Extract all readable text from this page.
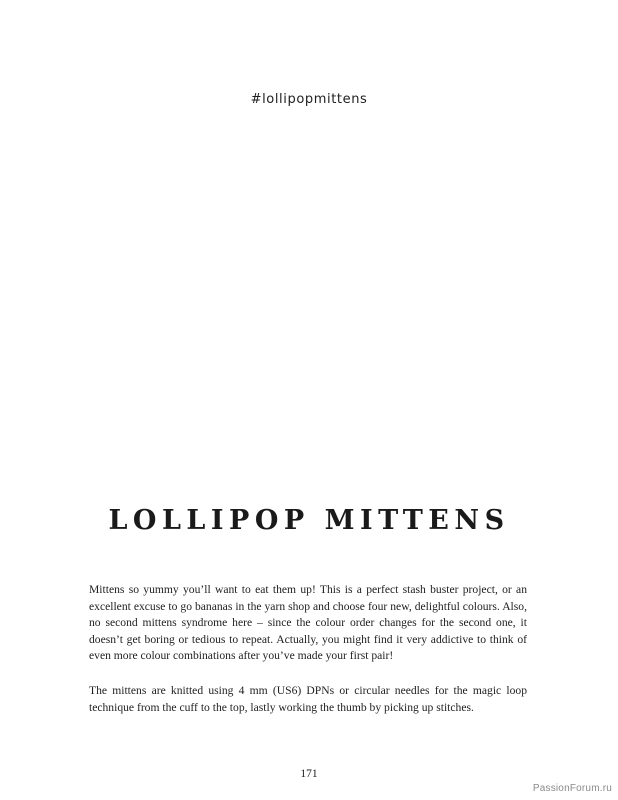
#lollipopmittens
LOLLIPOP MITTENS

Mittens so yummy you’ll want to eat them up! This is a perfect stash buster project, or an excellent excuse to go bananas in the yarn shop and choose four new, delightful colours. Also, no second mittens syndrome here – since the colour order changes for the second one, it doesn’t get boring or tedious to repeat. Actually, you might find it very addictive to think of even more colour combinations after you’ve made your first pair!

The mittens are knitted using 4 mm (US6) DPNs or circular needles for the magic loop technique from the cuff to the top, lastly working the thumb by picking up stitches.

171
PassionForum.ru
